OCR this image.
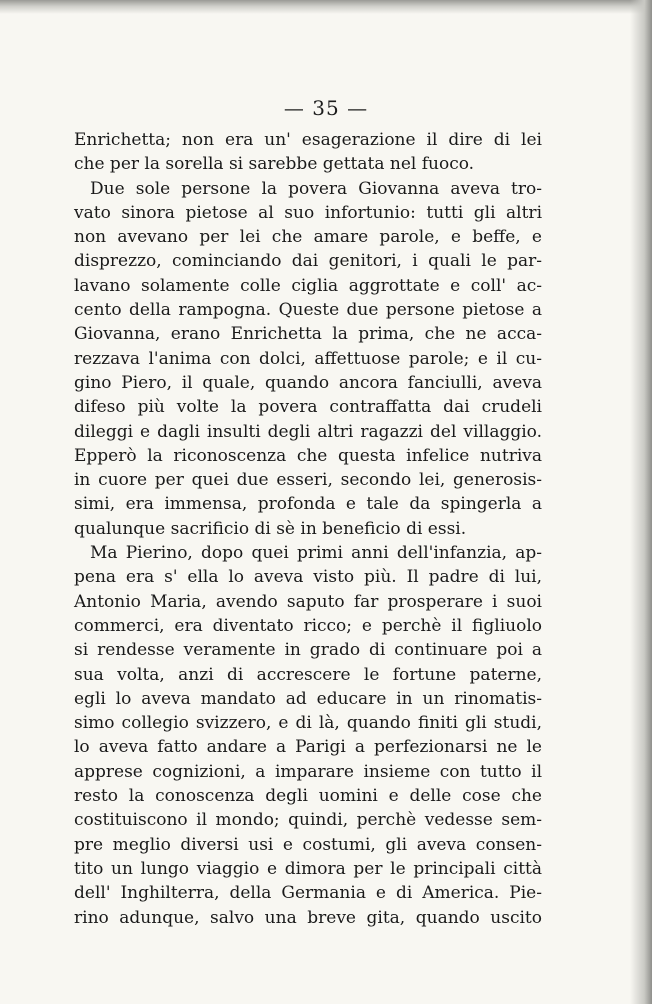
— 35 —
Enrichetta; non era un' esagerazione il dire di lei
che per la sorella si sarebbe gettata nel fuoco.
Due sole persone la povera Giovanna aveva tro-
vato sinora pietose al suo infortunio: tutti gli altri
non avevano per lei che amare parole, e beffe, e
disprezzo, cominciando dai genitori, i quali le par-
lavano solamente colle ciglia aggrottate e coll' ac-
cento della rampogna. Queste due persone pietose a
Giovanna, erano Enrichetta la prima, che ne acca-
rezzava l'anima con dolci, affettuose parole; e il cu-
gino Piero, il quale, quando ancora fanciulli, aveva
difeso più volte la povera contraffatta dai crudeli
dileggi e dagli insulti degli altri ragazzi del villaggio.
Epperò la riconoscenza che questa infelice nutriva
in cuore per quei due esseri, secondo lei, generosis-
simi, era immensa, profonda e tale da spingerla a
qualunque sacrificio di sè in beneficio di essi.
Ma Pierino, dopo quei primi anni dell'infanzia, ap-
pena era s' ella lo aveva visto più. Il padre di lui,
Antonio Maria, avendo saputo far prosperare i suoi
commerci, era diventato ricco; e perchè il figliuolo
si rendesse veramente in grado di continuare poi a
sua volta, anzi di accrescere le fortune paterne,
egli lo aveva mandato ad educare in un rinomatis-
simo collegio svizzero, e di là, quando finiti gli studi,
lo aveva fatto andare a Parigi a perfezionarsi ne le
apprese cognizioni, a imparare insieme con tutto il
resto la conoscenza degli uomini e delle cose che
costituiscono il mondo; quindi, perchè vedesse sem-
pre meglio diversi usi e costumi, gli aveva consen-
tito un lungo viaggio e dimora per le principali città
dell' Inghilterra, della Germania e di America. Pie-
rino adunque, salvo una breve gita, quando uscito
